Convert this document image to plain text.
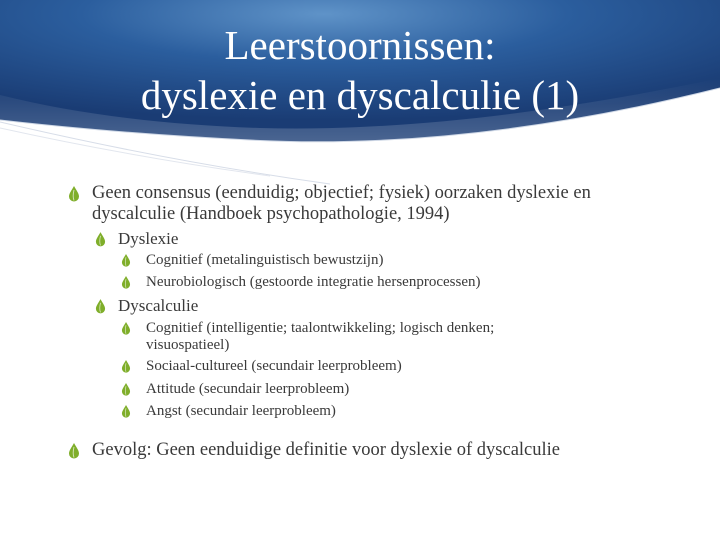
Leerstoornissen:
dyslexie en dyscalculie (1)
Geen consensus (eenduidig; objectief; fysiek) oorzaken dyslexie en dyscalculie (Handboek psychopathologie, 1994)
Dyslexie
Cognitief (metalinguistisch bewustzijn)
Neurobiologisch (gestoorde integratie hersenprocessen)
Dyscalculie
Cognitief (intelligentie; taalontwikkeling; logisch denken; visuospatieel)
Sociaal-cultureel (secundair leerprobleem)
Attitude (secundair leerprobleem)
Angst (secundair leerprobleem)
Gevolg: Geen eenduidige definitie voor dyslexie of dyscalculie
